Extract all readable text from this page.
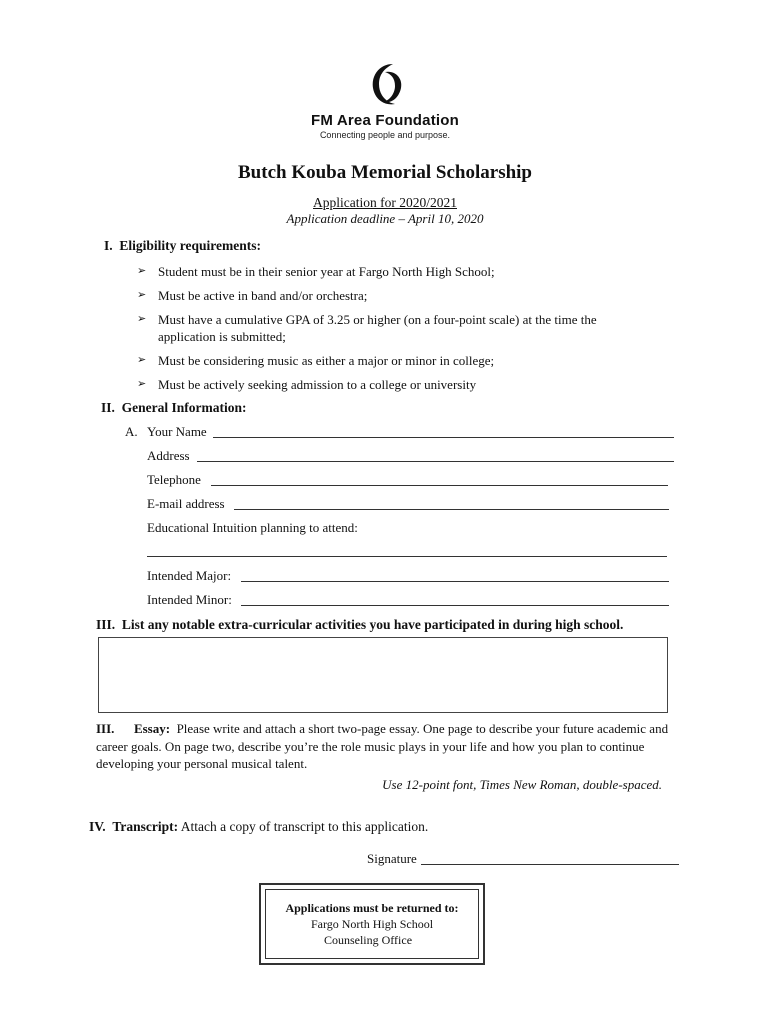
FM Area Foundation
Connecting people and purpose.
Butch Kouba Memorial Scholarship
Application for 2020/2021
Application deadline – April 10, 2020
I. Eligibility requirements:
➢ Student must be in their senior year at Fargo North High School;
➢ Must be active in band and/or orchestra;
➢ Must have a cumulative GPA of 3.25 or higher (on a four-point scale) at the time the application is submitted;
➢ Must be considering music as either a major or minor in college;
➢ Must be actively seeking admission to a college or university
II. General Information:
A. Your Name
Address
Telephone
E-mail address
Educational Intuition planning to attend:
Intended Major:
Intended Minor:
III. List any notable extra-curricular activities you have participated in during high school.
III. Essay: Please write and attach a short two-page essay. One page to describe your future academic and career goals. On page two, describe you’re the role music plays in your life and how you plan to continue developing your personal musical talent.
Use 12-point font, Times New Roman, double-spaced.
IV. Transcript: Attach a copy of transcript to this application.
Signature
Applications must be returned to:
Fargo North High School
Counseling Office
